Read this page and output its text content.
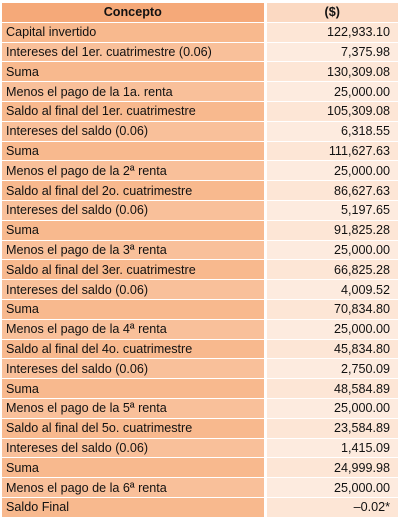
Concepto	($)
Capital invertido	122,933.10
Intereses del 1er. cuatrimestre (0.06)	7,375.98
Suma	130,309.08
Menos el pago de la 1a. renta	25,000.00
Saldo al final del 1er. cuatrimestre	105,309.08
Intereses del saldo (0.06)	6,318.55
Suma	111,627.63
Menos el pago de la 2ª renta	25,000.00
Saldo al final del 2o. cuatrimestre	86,627.63
Intereses del saldo (0.06)	5,197.65
Suma	91,825.28
Menos el pago de la 3ª renta	25,000.00
Saldo al final del 3er. cuatrimestre	66,825.28
Intereses del saldo (0.06)	4,009.52
Suma	70,834.80
Menos el pago de la 4ª renta	25,000.00
Saldo al final del 4o. cuatrimestre	45,834.80
Intereses del saldo (0.06)	2,750.09
Suma	48,584.89
Menos el pago de la 5ª renta	25,000.00
Saldo al final del 5o. cuatrimestre	23,584.89
Intereses del saldo (0.06)	1,415.09
Suma	24,999.98
Menos el pago de la 6ª renta	25,000.00
Saldo Final	–0.02*
